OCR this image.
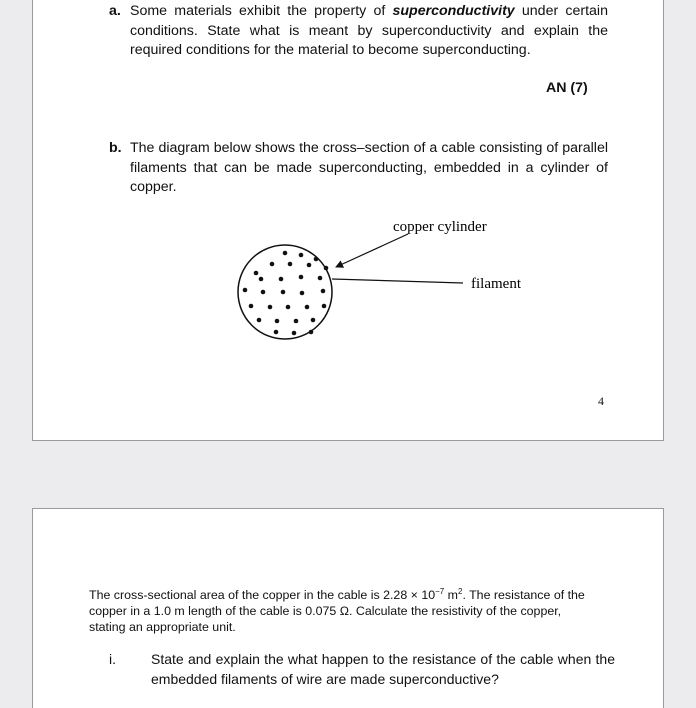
a. Some materials exhibit the property of superconductivity under certain conditions. State what is meant by superconductivity and explain the required conditions for the material to become superconducting.
AN (7)
b. The diagram below shows the cross–section of a cable consisting of parallel filaments that can be made superconducting, embedded in a cylinder of copper.
copper cylinder
filament
4
The cross-sectional area of the copper in the cable is $2.28 \times 10^{-7}$ $m^2$. The resistance of the copper in a 1.0 m length of the cable is 0.075 Ω. Calculate the resistivity of the copper, stating an appropriate unit.
i.	State and explain the what happen to the resistance of the cable when the embedded filaments of wire are made superconductive?
